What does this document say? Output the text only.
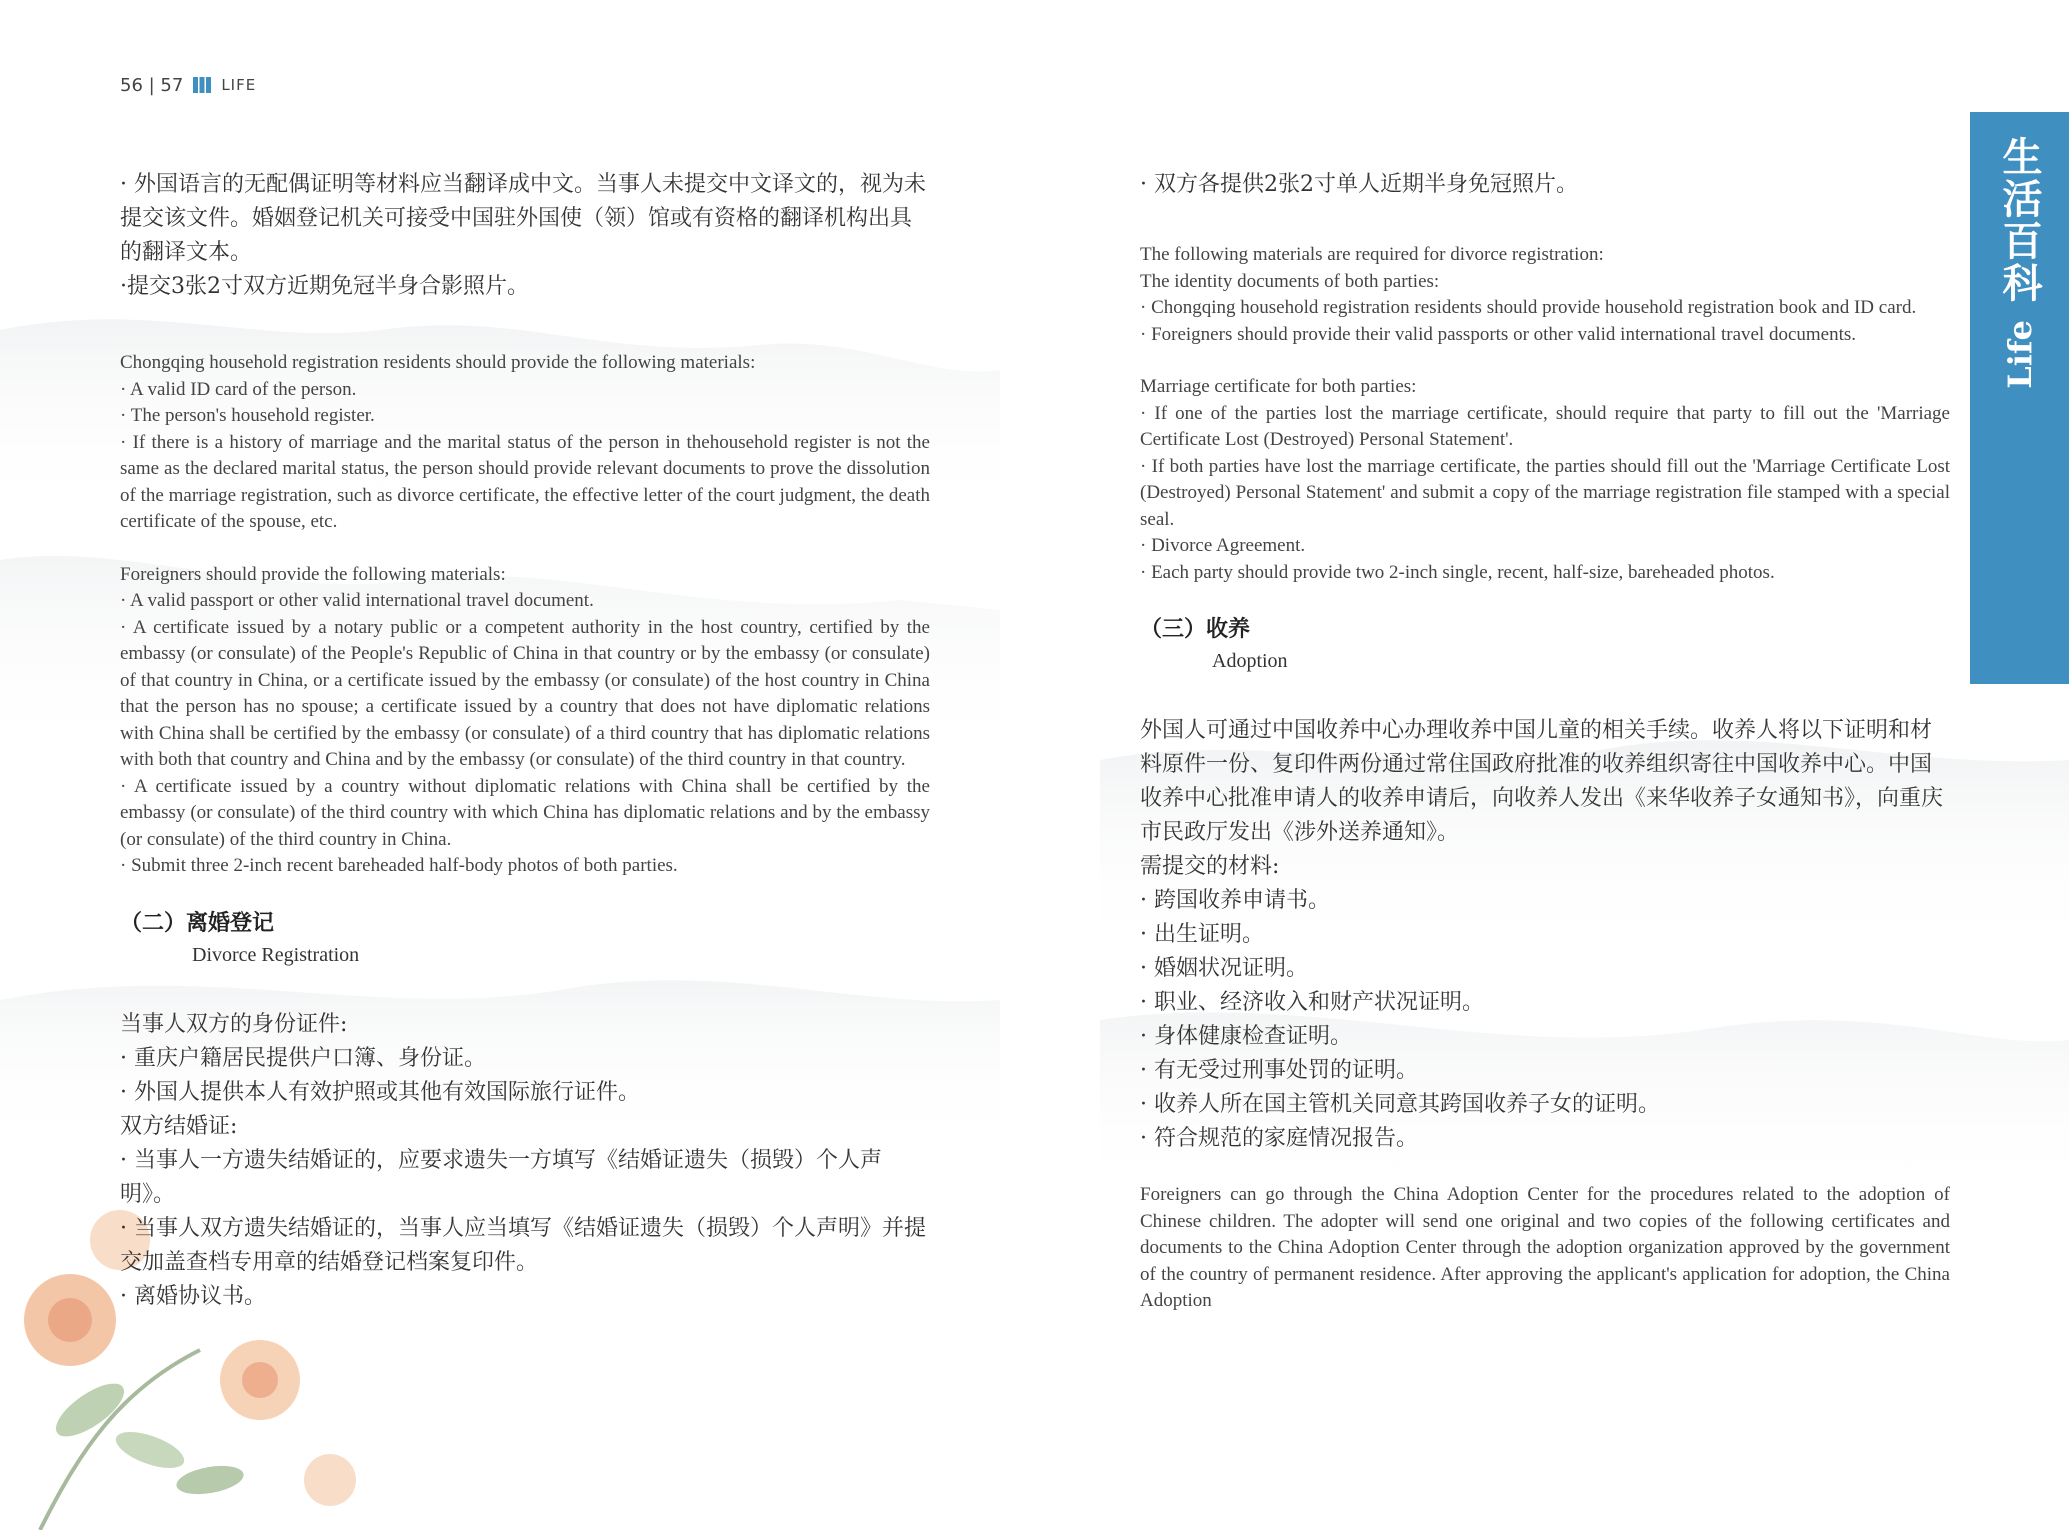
56 | 57	LIFE
生活百科
Life

· 外国语言的无配偶证明等材料应当翻译成中文。当事人未提交中文译文的，视为未提交该文件。婚姻登记机关可接受中国驻外国使（领）馆或有资格的翻译机构出具的翻译文本。

·提交3张2寸双方近期免冠半身合影照片。

Chongqing household registration residents should provide the following materials:

· A valid ID card of the person.

· The person's household register.

· If there is a history of marriage and the marital status of the person in thehousehold register is not the same as the declared marital status, the person should provide relevant documents to prove the dissolution of the marriage registration, such as divorce certificate, the effective letter of the court judgment, the death certificate of the spouse, etc.

Foreigners should provide the following materials:

· A valid passport or other valid international travel document.

· A certificate issued by a notary public or a competent authority in the host country, certified by the embassy (or consulate) of the People's Republic of China in that country or by the embassy (or consulate) of that country in China, or a certificate issued by the embassy (or consulate) of the host country in China that the person has no spouse; a certificate issued by a country that does not have diplomatic relations with China shall be certified by the embassy (or consulate) of a third country that has diplomatic relations with both that country and China and by the embassy (or consulate) of the third country in that country.

· A certificate issued by a country without diplomatic relations with China shall be certified by the embassy (or consulate) of the third country with which China has diplomatic relations and by the embassy (or consulate) of the third country in China.

· Submit three 2-inch recent bareheaded half-body photos of both parties.

（二）离婚登记
Divorce Registration

当事人双方的身份证件:

· 重庆户籍居民提供户口簿、身份证。

· 外国人提供本人有效护照或其他有效国际旅行证件。

双方结婚证:

· 当事人一方遗失结婚证的，应要求遗失一方填写《结婚证遗失（损毁）个人声明》。

· 当事人双方遗失结婚证的，当事人应当填写《结婚证遗失（损毁）个人声明》并提交加盖查档专用章的结婚登记档案复印件。

· 离婚协议书。

· 双方各提供2张2寸单人近期半身免冠照片。

The following materials are required for divorce registration:

The identity documents of both parties:

· Chongqing household registration residents should provide household registration book and ID card.

· Foreigners should provide their valid passports or other valid international travel documents.

Marriage certificate for both parties:

· If one of the parties lost the marriage certificate, should require that party to fill out the 'Marriage Certificate Lost (Destroyed) Personal Statement'.

· If both parties have lost the marriage certificate, the parties should fill out the 'Marriage Certificate Lost (Destroyed) Personal Statement' and submit a copy of the marriage registration file stamped with a special seal.

· Divorce Agreement.

· Each party should provide two 2-inch single, recent, half-size, bareheaded photos.

（三）收养
Adoption

外国人可通过中国收养中心办理收养中国儿童的相关手续。收养人将以下证明和材料原件一份、复印件两份通过常住国政府批准的收养组织寄往中国收养中心。中国收养中心批准申请人的收养申请后，向收养人发出《来华收养子女通知书》，向重庆市民政厅发出《涉外送养通知》。

需提交的材料:

· 跨国收养申请书。

· 出生证明。

· 婚姻状况证明。

· 职业、经济收入和财产状况证明。

· 身体健康检查证明。

· 有无受过刑事处罚的证明。

· 收养人所在国主管机关同意其跨国收养子女的证明。

· 符合规范的家庭情况报告。

Foreigners can go through the China Adoption Center for the procedures related to the adoption of Chinese children. The adopter will send one original and two copies of the following certificates and documents to the China Adoption Center through the adoption organization approved by the government of the country of permanent residence. After approving the applicant's application for adoption, the China Adoption
